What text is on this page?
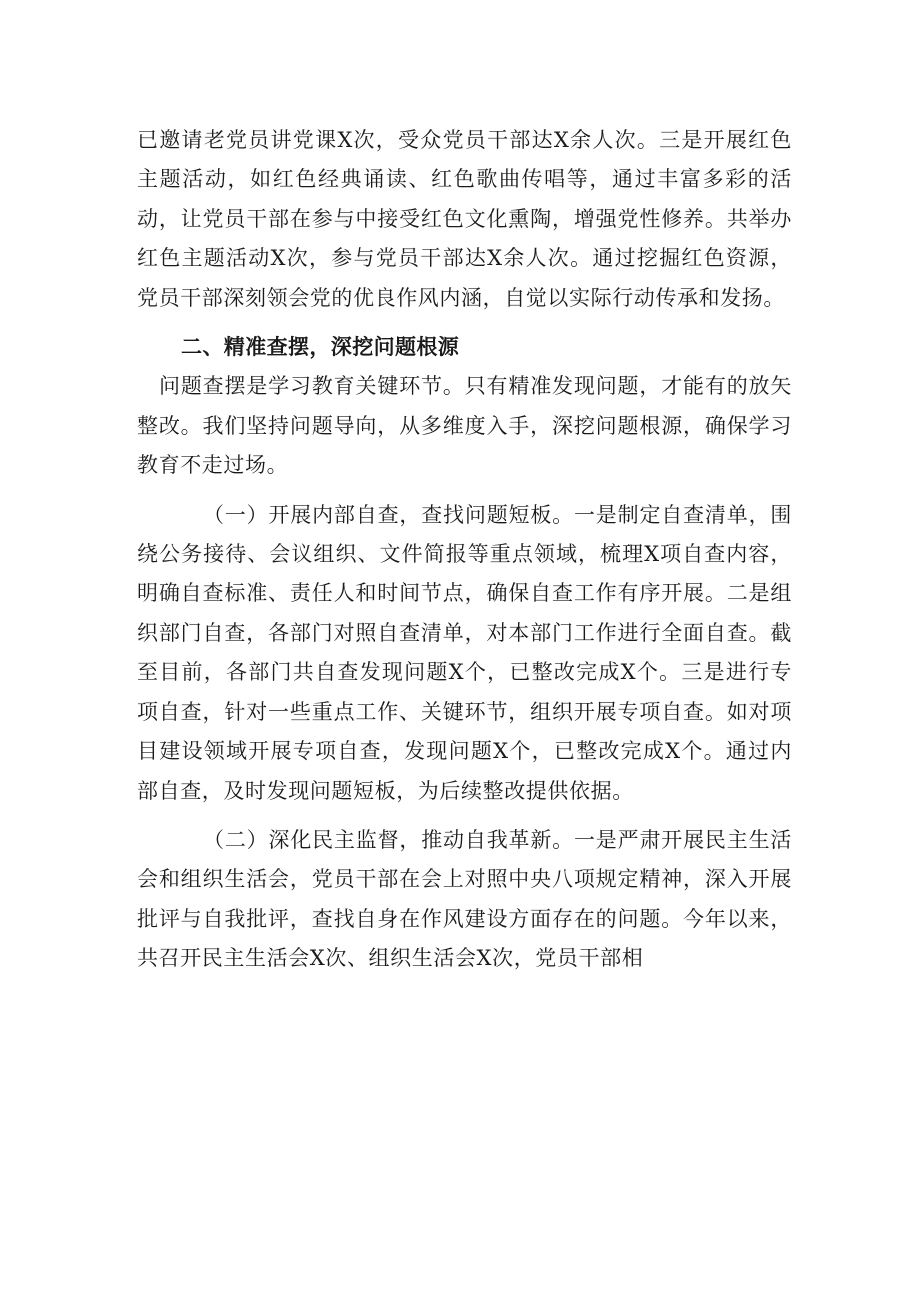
已邀请老党员讲党课X次，受众党员干部达X余人次。三是开展红色主题活动，如红色经典诵读、红色歌曲传唱等，通过丰富多彩的活动，让党员干部在参与中接受红色文化熏陶，增强党性修养。共举办红色主题活动X次，参与党员干部达X余人次。通过挖掘红色资源，党员干部深刻领会党的优良作风内涵，自觉以实际行动传承和发扬。

二、精准查摆，深挖问题根源

问题查摆是学习教育关键环节。只有精准发现问题，才能有的放矢整改。我们坚持问题导向，从多维度入手，深挖问题根源，确保学习教育不走过场。

（一）开展内部自查，查找问题短板。一是制定自查清单，围绕公务接待、会议组织、文件简报等重点领域，梳理X项自查内容，明确自查标准、责任人和时间节点，确保自查工作有序开展。二是组织部门自查，各部门对照自查清单，对本部门工作进行全面自查。截至目前，各部门共自查发现问题X个，已整改完成X个。三是进行专项自查，针对一些重点工作、关键环节，组织开展专项自查。如对项目建设领域开展专项自查，发现问题X个，已整改完成X个。通过内部自查，及时发现问题短板，为后续整改提供依据。

（二）深化民主监督，推动自我革新。一是严肃开展民主生活会和组织生活会，党员干部在会上对照中央八项规定精神，深入开展批评与自我批评，查找自身在作风建设方面存在的问题。今年以来，共召开民主生活会X次、组织生活会X次，党员干部相
